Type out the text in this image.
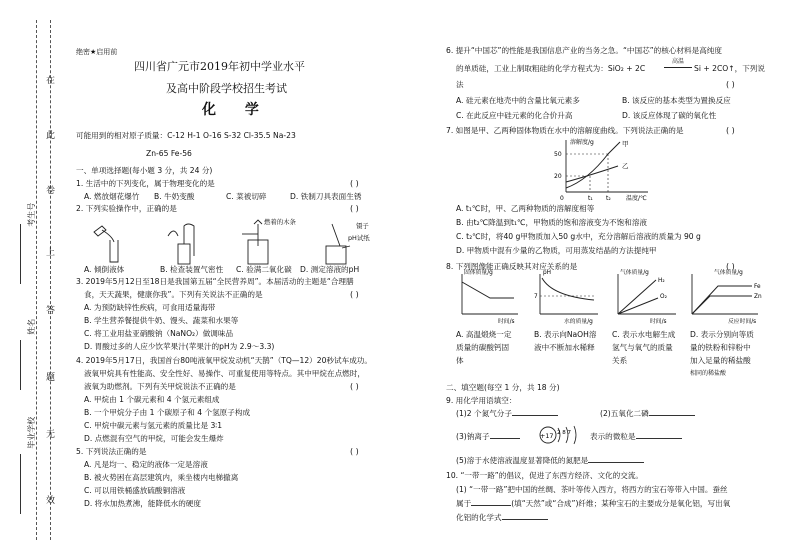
在
此
卷
上
答
题
无
效
考生号
姓名
毕业学校
绝密★启用前
四川省广元市2019年初中学业水平
及高中阶段学校招生考试
化 学
可能用到的相对原子质量：C-12 H-1 O-16 S-32 Cl-35.5 Na-23
Zn-65 Fe-56
一、单项选择题(每小题 3 分，共 24 分)
1. 生活中的下列变化，属于物理变化的是	( )
A. 燃放烟花爆竹 B. 牛奶变酸	C. 菜被切碎	D. 铁制刀具表面生锈
2. 下列实验操作中，正确的是	( )
燃着的木条	镊子
pH试纸
A. 倾倒液体	B. 检查装置气密性 C. 验满二氧化碳 D. 测定溶液的pH
3. 2019年5月12日至18日是我国第五届“全民营养周”。本届活动的主题是“合理膳
食，天天蔬果，健康你我”。下列有关说法不正确的是	( )
A. 为预防缺锌性疾病，可食用适量海带
B. 学生营养餐提供牛奶、馒头、蔬菜和水果等
C. 将工业用盐亚硝酸钠（NaNO₂）做调味品
D. 胃酸过多的人应少饮苹果汁(苹果汁的pH为 2.9～3.3)
4. 2019年5月17日，我国首台80吨液氧甲烷发动机“天鹊”（TQ—12）20秒试车成功。
液氧甲烷具有性能高、安全性好、易操作、可重复使用等特点。其中甲烷在点燃时，
液氧为助燃剂。下列有关甲烷说法不正确的是	( )
A. 甲烷由 1 个碳元素和 4 个氢元素组成
B. 一个甲烷分子由 1 个碳原子和 4 个氢原子构成
C. 甲烷中碳元素与氢元素的质量比是 3∶1
D. 点燃混有空气的甲烷，可能会发生爆炸
5. 下列说法正确的是	( )
A. 凡是均一、稳定的液体一定是溶液
B. 被火势困在高层建筑内，乘坐楼内电梯撤离
C. 可以用铁桶盛放硫酸铜溶液
D. 将水加热煮沸，能降低水的硬度
6. 提升“中国芯”的性能是我国信息产业的当务之急。“中国芯”的核心材料是高纯度
的单质硅，工业上制取粗硅的化学方程式为：SiO₂ + 2C
高温
Si + 2CO↑，下列说
法	( )
A. 硅元素在地壳中的含量比氧元素多	B. 该反应的基本类型为置换反应
C. 在此反应中硅元素的化合价升高	D. 该反应体现了碳的氧化性
7. 如图是甲、乙两种固体物质在水中的溶解度曲线。下列说法正确的是	( )
溶解度/g
温度/℃
50
20
0	t₁ t₂
甲
乙
A. t₁℃时，甲、乙两种物质的溶解度相等
B. 由t₂℃降温到t₁℃，甲物质的饱和溶液变为不饱和溶液
C. t₂℃时，将40 g甲物质加入50 g水中，充分溶解后溶液的质量为 90 g
D. 甲物质中混有少量的乙物质，可用蒸发结晶的方法提纯甲
8. 下列图像能正确反映其对应关系的是	( )
固体质量/g
时间/s
pH
7
水的质量/g
气体质量/g
H₂
O₂
时间/s
气体质量/g
Fe
Zn
反应时间/s
A. 高温煅烧一定
质量的碳酸钙固
体
B. 表示向NaOH溶
液中不断加水稀释
C. 表示水电解生成
氢气与氧气的质量
关系
D. 表示分别向等质
量的铁粉和锌粉中
加入足量的稀盐酸
相同的稀盐酸
二、填空题(每空 1 分，共 18 分)
9. 用化学用语填空：
(1)2 个氮气分子	(2)五氧化二磷
(3)钠离子	+17 2 8 7	表示的微粒是
(5)溶于水使溶液温度显著降低的氮肥是
10. “一带一路”的倡议，促进了东西方经济、文化的交流。
(1) “一带一路”把中国的丝绸、茶叶等传入西方，将西方的宝石等带入中国。蚕丝
属于	(填“天然”或“合成”)纤维；某种宝石的主要成分是氧化铝，写出氧
化铝的化学式
